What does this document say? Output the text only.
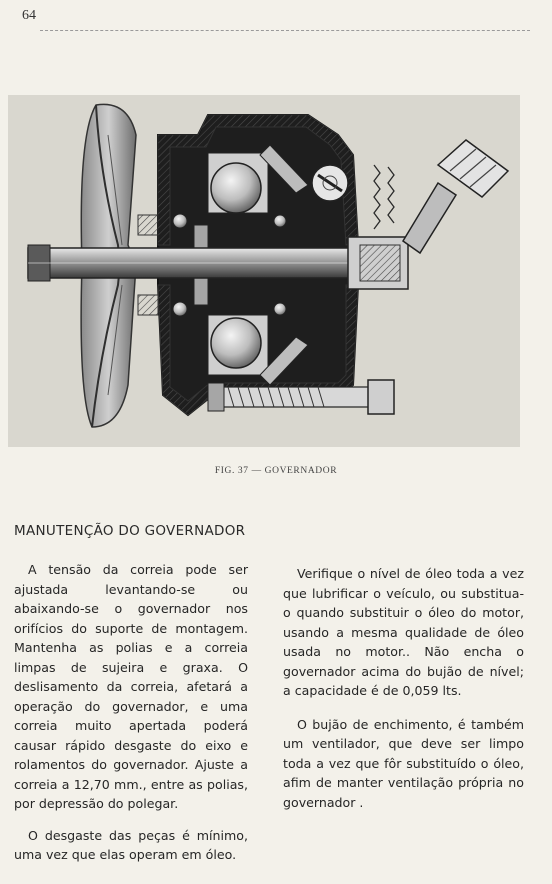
64
FIG. 37 — GOVERNADOR
MANUTENÇÃO DO GOVERNADOR

A tensão da correia pode ser ajustada levantando-se ou abaixando-se o governador nos orifícios do suporte de montagem. Mantenha as polias e a correia limpas de sujeira e graxa. O deslisamento da correia, afetará a operação do governador, e uma correia muito apertada poderá causar rápido desgaste do eixo e rolamentos do governador. Ajuste a correia a 12,70 mm., entre as polias, por depressão do polegar.

O desgaste das peças é mínimo, uma vez que elas operam em óleo.

Verifique o nível de óleo toda a vez que lubrificar o veículo, ou substitua-o quando substituir o óleo do motor, usando a mesma qualidade de óleo usada no motor.. Não encha o governador acima do bujão de nível; a capacidade é de 0,059 lts.

O bujão de enchimento, é também um ventilador, que deve ser limpo toda a vez que fôr substituído o óleo, afim de manter ventilação própria no governador .
